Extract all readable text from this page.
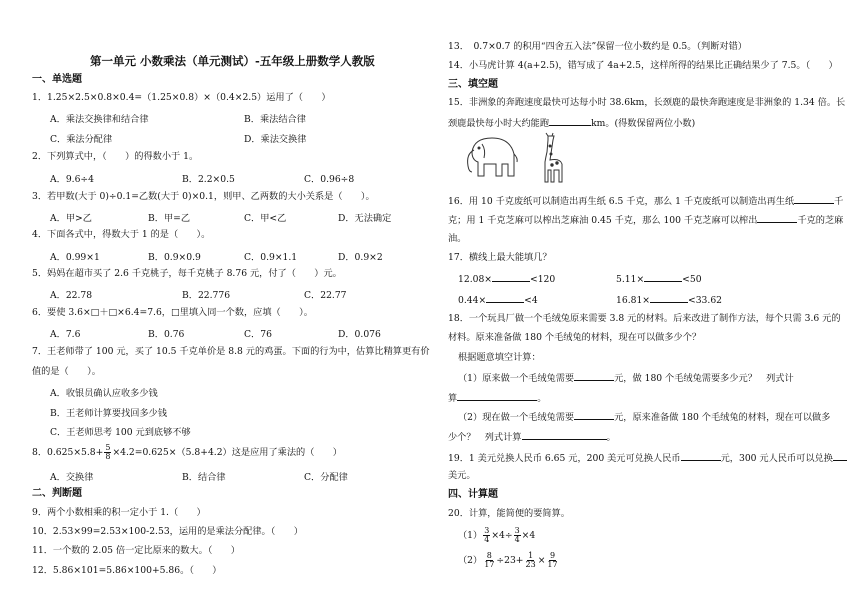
第一单元 小数乘法（单元测试）-五年级上册数学人教版
一、单选题
1．1.25×2.5×0.8×0.4=（1.25×0.8）×（0.4×2.5）运用了（　　）
A．乘法交换律和结合律	B．乘法结合律
C．乘法分配律	D．乘法交换律
2．下列算式中，（　　）的得数小于 1。
A．9.6÷4	B．2.2×0.5	C．0.96÷8
3．若甲数(大于 0)÷0.1=乙数(大于 0)×0.1，则甲、乙两数的大小关系是（　　）。
A．甲>乙	B．甲=乙	C．甲<乙	D．无法确定
4．下面各式中，得数大于 1 的是（　　）。
A．0.99×1	B．0.9×0.9	C．0.9×1.1	D．0.9×2
5．妈妈在超市买了 2.6 千克桃子，每千克桃子 8.76 元，付了（　　）元。
A．22.78	B．22.776	C．22.77
6．要使 3.6×□＋□×6.4=7.6，□里填入同一个数，应填（　　）。
A．7.6	B．0.76	C．76	D．0.076
7．王老师带了 100 元，买了 10.5 千克单价是 8.8 元的鸡蛋。下面的行为中，估算比精算更有价
值的是（　　）。
A．收银员确认应收多少钱
B．王老师计算要找回多少钱
C．王老师思考 100 元到底够不够
8．$0.625\times 5.8+ \frac{5}{8} \times 4.2=0.625\times(5.8+4.2)$这是应用了乘法的（　　）
A．交换律	B．结合律	C．分配律
二、判断题
9．两个小数相乘的积一定小于 1.（　　）
10．2.53×99=2.53×100-2.53，运用的是乘法分配律。（　　）
11．一个数的 2.05 倍一定比原来的数大。（　　）
12．5.86×101=5.86×100+5.86。（　　）
13．　0.7×0.7 的积用“四舍五入法”保留一位小数约是 0.5。（判断对错）
14．小马虎计算 4(a+2.5)，错写成了 4a+2.5，这样所得的结果比正确结果少了 7.5。（　　）
三、填空题
15．非洲象的奔跑速度最快可达每小时 38.6km，长颈鹿的最快奔跑速度是非洲象的 1.34 倍。长
颈鹿最快每小时大约能跑	km。(得数保留两位小数)
16．用 10 千克废纸可以制造出再生纸 6.5 千克，那么 1 千克废纸可以制造出再生纸	千
克；用 1 千克芝麻可以榨出芝麻油 0.45 千克，那么 100 千克芝麻可以榨出	千克的芝麻
油。
17．横线上最大能填几？
12.08×	<120	5.11×	<50
0.44×	<4	16.81×	<33.62
18．一个玩具厂做一个毛绒兔原来需要 3.8 元的材料。后来改进了制作方法，每个只需 3.6 元的
材料。原来准备做 180 个毛绒兔的材料，现在可以做多少个？
根据题意填空计算：
（1）原来做一个毛绒兔需要	元，做 180 个毛绒兔需要多少元？　列式计
算	。
（2）现在做一个毛绒兔需要	元，原来准备做 180 个毛绒兔的材料，现在可以做多
少个？　列式计算	。
19．1 美元兑换人民币 6.65 元，200 美元可兑换人民币	元，300 元人民币可以兑换
美元。
四、计算题
20．计算，能简便的要简算。
$(1) \frac{3}{4} \times 4\div \frac{3}{4} \times 4$
$(2) \frac{8}{17} \div 23+ \frac{1}{23} \times \frac{9}{17}$
